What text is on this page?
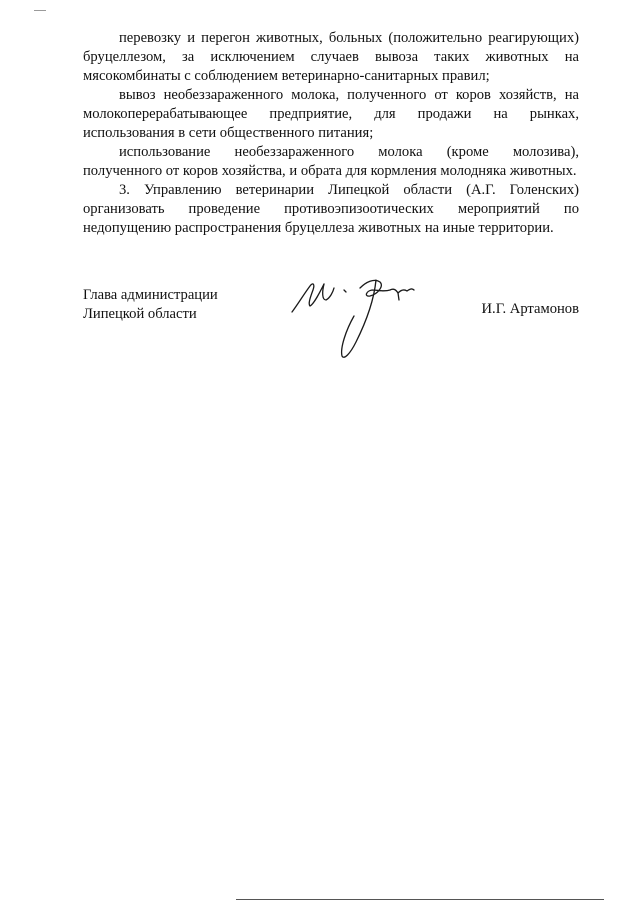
перевозку и перегон животных, больных (положительно реагирующих) бруцеллезом, за исключением случаев вывоза таких животных на мясокомбинаты с соблюдением ветеринарно-санитарных правил;

вывоз необеззараженного молока, полученного от коров хозяйств, на молокоперерабатывающее предприятие, для продажи на рынках, использования в сети общественного питания;

использование необеззараженного молока (кроме молозива), полученного от коров хозяйства, и обрата для кормления молодняка животных.

3. Управлению ветеринарии Липецкой области (А.Г. Голенских) организовать проведение противоэпизоотических мероприятий по недопущению распространения бруцеллеза животных на иные территории.

Глава администрации
Липецкой области	И.Г. Артамонов
